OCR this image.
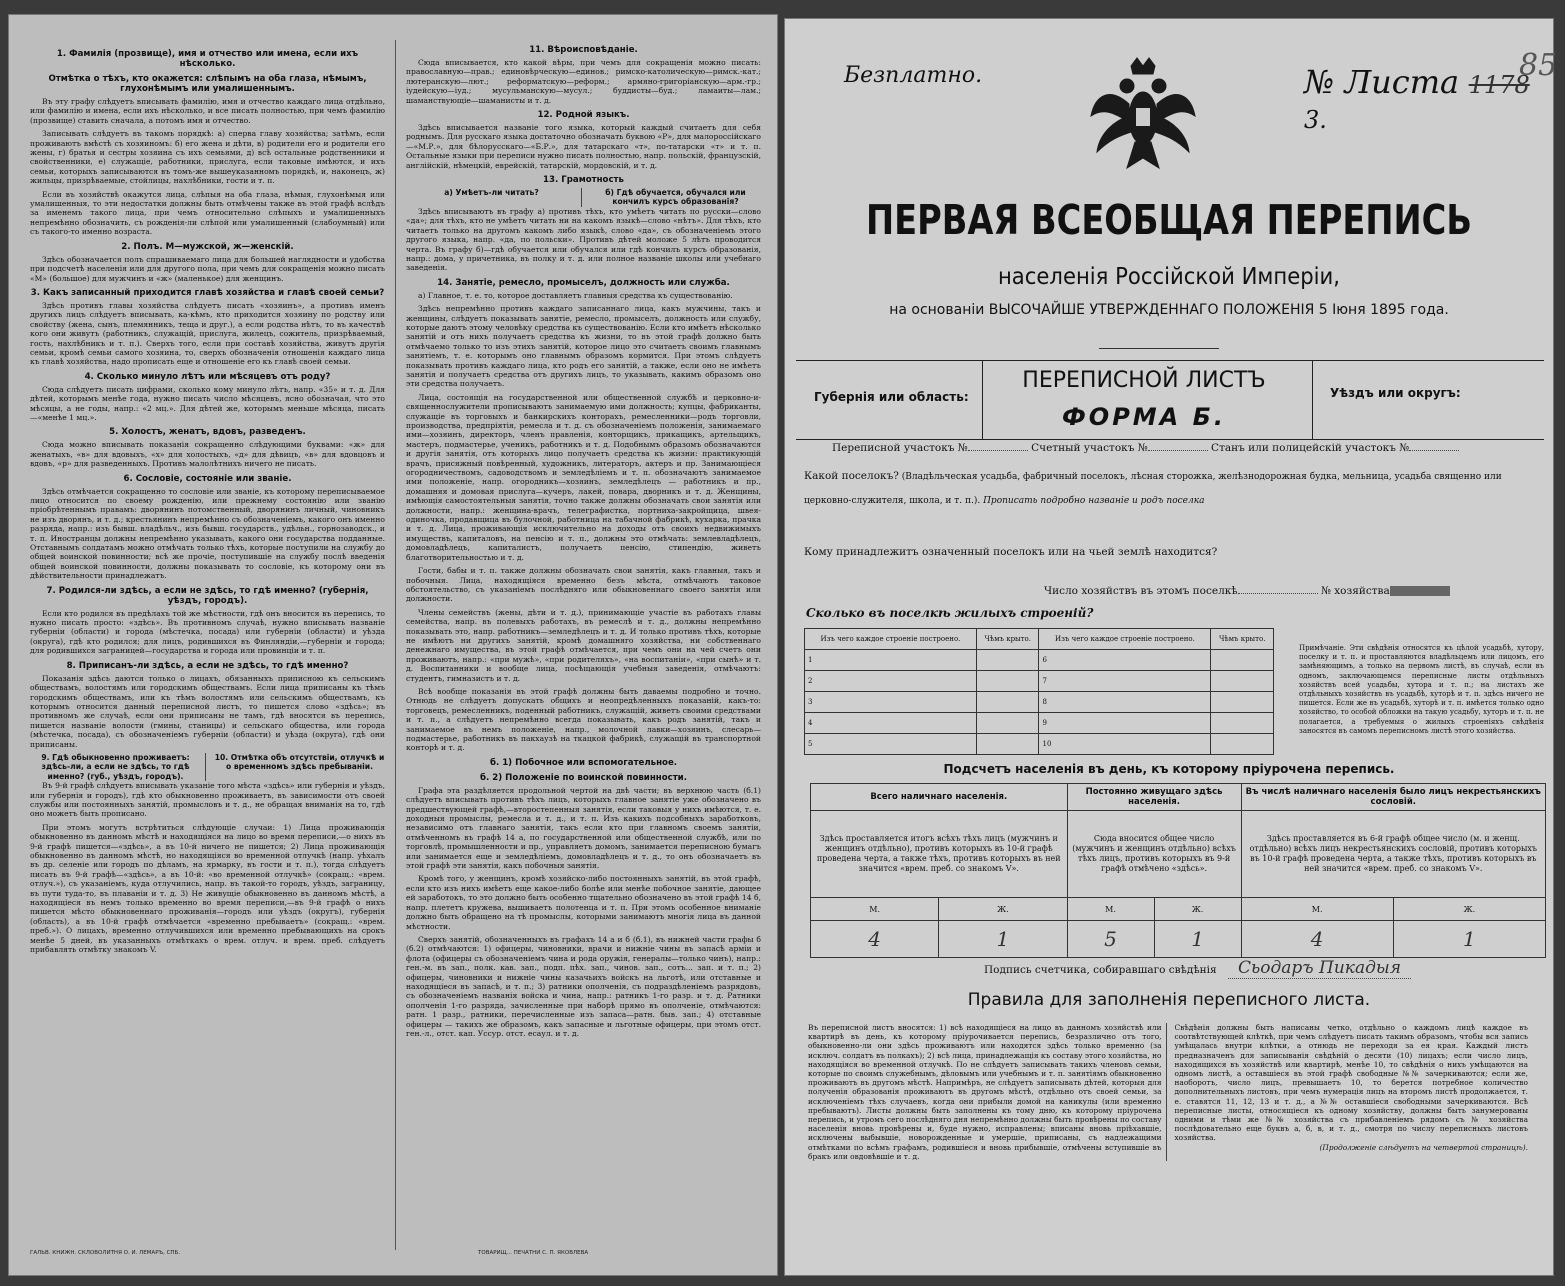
1. Фамилія (прозвище), имя и отчество или имена, если ихъ нѣсколько.
Отмѣтка о тѣхъ, кто окажется: слѣпымъ на оба глаза, нѣмымъ, глухонѣмымъ или умалишеннымъ.

Въ эту графу слѣдуетъ вписывать фамилію, имя и отчество каждаго лица отдѣльно, или фамилію и имена, если ихъ нѣсколько, и все писать полностью, при чемъ фамилію (прозвище) ставить сначала, а потомъ имя и отчество.

Записывать слѣдуетъ въ такомъ порядкѣ: а) сперва главу хозяйства; затѣмъ, если проживаютъ вмѣстѣ съ хозяиномъ: б) его жена и дѣти, в) родители его и родители его жены, г) братья и сестры хозяина съ ихъ семьями, д) всѣ остальные родственники и свойственники, е) служащіе, работники, прислуга, если таковые имѣются, и ихъ семьи, которыхъ записываются въ томъ-же вышеуказанномъ порядкѣ, и, наконецъ, ж) жильцы, призрѣваемые, стойлицы, нахлѣбники, гости и т. п.

Если въ хозяйствѣ окажутся лица, слѣпыя на оба глаза, нѣмыя, глухонѣмыя или умалишенныя, то эти недостатки должны быть отмѣчены также въ этой графѣ вслѣдъ за именемъ такого лица, при чемъ относительно слѣпыхъ и умалишенныхъ непремѣнно обозначить, съ рожденія-ли слѣпой или умалишенный (слабоумный) или съ такого-то именно возраста.

2. Полъ. М—мужской, ж—женскій.

Здѣсь обозначается полъ спрашиваемаго лица для большей наглядности и удобства при подсчетѣ населенія или для другого пола, при чемъ для сокращенія можно писать «М» (большое) для мужчинъ и «ж» (маленькое) для женщинъ.

3. Какъ записанный приходится главѣ хозяйства и главѣ своей семьи?

Здѣсь противъ главы хозяйства слѣдуетъ писать «хозяинъ», а противъ именъ другихъ лицъ слѣдуетъ вписывать, ка-кѣмъ, кто приходится хозяину по родству или свойству (жена, сынъ, племянникъ, теща и друг.), а если родства нѣтъ, то въ качествѣ кого они живутъ (работникъ, служащій, прислуга, жилецъ, сожитель, призрѣваемый, гость, нахлѣбникъ и т. п.). Сверхъ того, если при составѣ хозяйства, живутъ другія семьи, кромѣ семьи самого хозяина, то, сверхъ обозначенія отношенія каждаго лица къ главѣ хозяйства, надо прописать еще и отношеніе его къ главѣ своей семьи.

4. Сколько минуло лѣтъ или мѣсяцевъ отъ роду?

Сюда слѣдуетъ писать цифрами, сколько кому минуло лѣтъ, напр. «35» и т. д. Для дѣтей, которымъ менѣе года, нужно писать число мѣсяцевъ, ясно обозначая, что это мѣсяцы, а не годы, напр.: «2 мц.». Для дѣтей же, которымъ меньше мѣсяца, писать—«менѣе 1 мц.».

5. Холостъ, женатъ, вдовъ, разведенъ.

Сюда можно вписывать показанія сокращенно слѣдующими буквами: «ж» для женатыхъ, «в» для вдовыхъ, «х» для холостыхъ, «д» для дѣвицъ, «в» для вдовцовъ и вдовъ, «р» для разведенныхъ. Противъ малолѣтнихъ ничего не писать.

6. Сословіе, состояніе или званіе.

Здѣсь отмѣчается сокращенно то сословіе или званіе, къ которому переписываемое лицо относится по своему рожденію, или прежнему состоянію или званію пріобрѣтеннымъ правамъ: дворянинъ потомственный, дворянинъ личный, чиновникъ не изъ дворянъ, и т. д.; крестьянинъ непремѣнно съ обозначеніемъ, какого онъ именно разряда, напр.: изъ бывш. владѣльч., изъ бывш. государств., удѣльн., горнозаводск., и т. п. Иностранцы должны непремѣнно указывать, какого они государства подданные. Отставнымъ солдатамъ можно отмѣчать только тѣхъ, которые поступили на службу до общей воинской повинности; всѣ же прочіе, поступившіе на службу послѣ введенія общей воинской повинности, должны показывать то сословіе, къ которому они въ дѣйствительности принадлежатъ.

7. Родился-ли здѣсь, а если не здѣсь, то гдѣ именно? (губернія, уѣздъ, городъ).

Если кто родился въ предѣлахъ той же мѣстности, гдѣ онъ вносится въ перепись, то нужно писать просто: «здѣсь». Въ противномъ случаѣ, нужно вписывать названіе губерніи (области) и города (мѣстечка, посада) или губерніи (области) и уѣзда (округа), гдѣ кто родился; для лицъ, родившихся въ Финляндіи,—губерніи и города; для родившихся заграницей—государства и города или провинціи и т. п.

8. Приписанъ-ли здѣсь, а если не здѣсь, то гдѣ именно?

Показанія здѣсь даются только о лицахъ, обязанныхъ приписною къ сельскимъ обществамъ, волостямъ или городскимъ обществамъ. Если лица приписаны къ тѣмъ городскимъ обществамъ, или къ тѣмъ волостямъ или сельскимъ обществамъ, къ которымъ относится данный переписной листъ, то пишется слово «здѣсь»; въ противномъ же случаѣ, если они приписаны не тамъ, гдѣ вносятся въ перепись, пишется названіе волости (гмины, станицы) и сельскаго общества, или города (мѣстечка, посада), съ обозначеніемъ губерніи (области) и уѣзда (округа), гдѣ они приписаны.

9. Гдѣ обыкновенно проживаетъ: здѣсь-ли, а если не здѣсь, то гдѣ именно? (губ., уѣздъ, городъ).
10. Отмѣтка объ отсутствіи, отлучкѣ и о временномъ здѣсь пребываніи.

Въ 9-й графѣ слѣдуетъ вписывать указаніе того мѣста «здѣсь» или губернія и уѣздъ, или губернія и городъ), гдѣ кто обыкновенно проживаетъ, въ зависимости отъ своей службы или постоянныхъ занятій, промысловъ и т. д., не обращая вниманія на то, гдѣ оно можетъ быть прописано.

При этомъ могутъ встрѣтиться слѣдующіе случаи: 1) Лица проживающія обыкновенно въ данномъ мѣстѣ и находящіяся на лицо во время переписи,—о нихъ въ 9-й графѣ пишется—«здѣсь», а въ 10-й ничего не пишется; 2) Лица проживающія обыкновенно въ данномъ мѣстѣ, но находящіяся во временной отлучкѣ (напр. уѣхалъ въ др. селеніе или городъ по дѣламъ, на ярмарку, въ гости и т. п.), тогда слѣдуетъ писать въ 9-й графѣ—«здѣсь», а въ 10-й: «во временной отлучкѣ» (сокращ.: «врем. отлуч.»), съ указаніемъ, куда отлучились, напр. въ такой-то городъ, уѣздъ, заграницу, въ пути туда-то, въ плаваніи и т. д. 3) Не живущіе обыкновенно въ данномъ мѣстѣ, а находящіеся въ немъ только временно во время переписи,—въ 9-й графѣ о нихъ пишется мѣсто обыкновеннаго проживанія—городъ или уѣздъ (округъ), губернія (область), а въ 10-й графѣ отмѣчается «временно пребываетъ» (сокращ.: «врем. преб.»). О лицахъ, временно отлучившихся или временно пребывающихъ на срокъ менѣе 5 дней, въ указанныхъ отмѣткахъ о врем. отлуч. и врем. преб. слѣдуетъ прибавлять отмѣтку знакомъ V.

11. Вѣроисповѣданіе.

Сюда вписывается, кто какой вѣры, при чемъ для сокращенія можно писать: православную—прав.; единовѣрческую—единов.; римско-католическую—римск.-кат.; лютеранскую—лют.; реформатскую—реформ.; армяно-григоріанскую—арм.-гр.; іудейскую—іуд.; мусульманскую—мусул.; буддисты—буд.; ламаиты—лам.; шаманствующіе—шаманисты и т. д.

12. Родной языкъ.

Здѣсь вписывается названіе того языка, который каждый считаетъ для себя роднымъ. Для русскаго языка достаточно обозначать буквою «Р», для малороссійскаго—«М.Р.», для бѣлорусскаго—«Б.Р.», для татарскаго «т», по-татарски «т» и т. п. Остальные языки при переписи нужно писать полностью, напр. польскій, французскій, англійскій, нѣмецкій, еврейскій, татарскій, мордовскій, и т. д.

13. Грамотность
а) Умѣетъ-ли читать?	б) Гдѣ обучается, обучался или кончилъ курсъ образованія?

Здѣсь вписываютъ въ графу а) противъ тѣхъ, кто умѣетъ читать по русски—слово «да»; для тѣхъ, кто не умѣетъ читать ни на какомъ языкѣ—слово «нѣтъ». Для тѣхъ, кто читаетъ только на другомъ какомъ либо языкѣ, слово «да», съ обозначеніемъ этого другого языка, напр. «да, по польски». Противъ дѣтей моложе 5 лѣтъ проводится черта. Въ графу б)—гдѣ обучается или обучался или гдѣ кончилъ курсъ образованія, напр.: дома, у причетника, въ полку и т. д. или полное названіе школы или учебнаго заведенія.

14. Занятіе, ремесло, промыселъ, должность или служба.

а) Главное, т. е. то, которое доставляетъ главныя средства къ существованію.

Здѣсь непремѣнно противъ каждаго записаннаго лица, какъ мужчины, такъ и женщины, слѣдуетъ показывать занятіе, ремесло, промыселъ, должность или службу, которые даютъ этому человѣку средства къ существованію. Если кто имѣетъ нѣсколько занятій и отъ нихъ получаетъ средства къ жизни, то въ этой графѣ должно быть отмѣчаемо только то изъ этихъ занятій, которое лицо это считаетъ своимъ главнымъ занятіемъ, т. е. которымъ оно главнымъ образомъ кормится. При этомъ слѣдуетъ показывать противъ каждаго лица, кто родъ его занятій, а также, если оно не имѣетъ занятія и получаетъ средства отъ другихъ лицъ, то указывать, какимъ образомъ оно эти средства получаетъ.

Лица, состоящія на государственной или общественной службѣ и церковно-и-священнослужители прописываютъ занимаемую ими должность; купцы, фабриканты, служащіе въ торговыхъ и банкирскихъ конторахъ, ремесленники—родъ торговли, производства, предпріятія, ремесла и т. д. съ обозначеніемъ положенія, занимаемаго ими—хозяинъ, директоръ, членъ правленія, конторщикъ, прикащикъ, артельщикъ, мастеръ, подмастерье, ученикъ, работникъ и т. д. Подобнымъ образомъ обозначаются и другія занятія, отъ которыхъ лицо получаетъ средства къ жизни: практикующій врачъ, присяжный повѣренный, художникъ, литераторъ, актеръ и пр. Занимающіеся огородничествомъ, садоводствомъ и земледѣліемъ и т. п. обозначаютъ занимаемое ими положеніе, напр. огородникъ—хозяинъ, земледѣлецъ — работникъ и пр., домашняя и домовая прислуга—кучеръ, лакей, повара, дворникъ и т. д. Женщины, имѣющія самостоятельныя занятія, точно также должны обозначать свои занятія или должности, напр.: женщина-врачъ, телеграфистка, портниха-закройщица, швея-одиночка, продавщица въ булочной, работница на табачной фабрикѣ, кухарка, прачка и т. д. Лица, проживающія исключительно на доходы отъ своихъ недвижимыхъ имуществъ, капиталовъ, на пенсію и т. п., должны это отмѣчать: землевладѣлецъ, домовладѣлецъ, капиталистъ, получаетъ пенсію, стипендію, живетъ благотворительностью и т. д.

Гости, бабы и т. п. также должны обозначать свои занятія, какъ главныя, такъ и побочныя. Лица, находящіяся временно безъ мѣста, отмѣчаютъ таковое обстоятельство, съ указаніемъ послѣдняго или обыкновеннаго своего занятія или должности.

Члены семействъ (жены, дѣти и т. д.), принимающіе участіе въ работахъ главы семейства, напр. въ полевыхъ работахъ, въ ремеслѣ и т. д., должны непремѣнно показывать это, напр. работникъ—земледѣлецъ и т. д. И только противъ тѣхъ, которые не имѣютъ ни другихъ занятій, кромѣ домашняго хозяйства, ни собственнаго денежнаго имущества, въ этой графѣ отмѣчается, при чемъ они на чей счетъ они проживаютъ, напр.: «при мужѣ», «при родителяхъ», «на воспитаніи», «при сынѣ» и т. д. Воспитанники и вообще лица, посѣщающія учебныя заведенія, отмѣчаютъ: студентъ, гимназистъ и т. д.

Всѣ вообще показанія въ этой графѣ должны быть даваемы подробно и точно. Отнюдь не слѣдуетъ допускать общихъ и неопредѣленныхъ показаній, какъ-то: торговецъ, ремесленникъ, поденный работникъ, служащій, живетъ своими средствами и т. п., а слѣдуетъ непремѣнно всегда показывать, какъ родъ занятій, такъ и занимаемое въ немъ положеніе, напр., молочной лавки—хозяинъ, слесарь—подмастерье, работникъ въ пакхаузѣ на ткацкой фабрикѣ, служащій въ транспортной конторѣ и т. д.

б. 1) Побочное или вспомогательное.
б. 2) Положеніе по воинской повинности.

Графа эта раздѣляется продольной чертой на двѣ части; въ верхнюю часть (б.1) слѣдуетъ вписывать противъ тѣхъ лицъ, которыхъ главное занятіе уже обозначено въ предшествующей графѣ,—второстепенныя занятія, если таковыя у нихъ имѣются, т. е. доходныя промыслы, ремесла и т. д., и т. п. Изъ какихъ подсобныхъ заработковъ, независимо отъ главнаго занятія, такъ если кто при главномъ своемъ занятіи, отмѣченномъ въ графѣ 14 а, по государственной или общественной службѣ, или по торговлѣ, промышленности и пр., управляетъ домомъ, занимается переписною бумагъ или занимается еще и земледѣліемъ, домовладѣлецъ и т. д., то онъ обозначаетъ въ этой графѣ эти занятія, какъ побочныя занятія.

Кромѣ того, у женщинъ, кромѣ хозяйско-либо постоянныхъ занятій, въ этой графѣ, если кто изъ нихъ имѣетъ еще какое-либо болѣе или менѣе побочное занятіе, дающее ей заработокъ, то это должно быть особенно тщательно обозначено въ этой графѣ 14 б, напр. плететъ кружева, вышиваетъ полотенца и т. п. При этомъ особенное вниманіе должно быть обращено на тѣ промыслы, которыми занимаютъ многія лица въ данной мѣстности.

Сверхъ занятій, обозначенныхъ въ графахъ 14 а и б (б.1), въ нижней части графы б (б.2) отмѣчаются: 1) офицеры, чиновники, врачи и нижніе чины въ запасѣ арміи и флота (офицеры съ обозначеніемъ чина и рода оружія, генералы—только чинъ), напр.: ген.-м. въ зап., полк. кав. зап., подп. пѣх. зап., чинов. зап., сотъ... зап. и т. п.; 2) офицеры, чиновники и нижніе чины казачьихъ войскъ на льготѣ, или отставные и находящіеся въ запасѣ, и т. п.; 3) ратники ополченія, съ подраздѣленіемъ разрядовъ, съ обозначеніемъ названія войска и чина, напр.: ратникъ 1-го разр. и т. д. Ратники ополченія 1-го разряда, зачисленные при наборѣ прямо въ ополченіе, отмѣчаются: ратн. 1 разр., ратники, перечисленные изъ запаса—ратн. быв. зап.; 4) отставные офицеры — такихъ же образомъ, какъ запасные и льготные офицеры, при этомъ отст. ген.-л., отст. кап. Уссур. отст. есаул. и т. д.

ГАЛЬВ. КНИЖН. СКЛОВОЛИТНЯ О. И. ЛЕМАРЪ, СПБ.	ТОВАРИЩ... ПЕЧАТНИ С. П. ЯКОВЛЕВА
Безплатно.	№ Листа 1178 3.
85
ПЕРВАЯ ВСЕОБЩАЯ ПЕРЕПИСЬ
населенія Россійской Имперіи,
на основаніи ВЫСОЧАЙШЕ УТВЕРЖДЕННАГО ПОЛОЖЕНІЯ 5 Іюня 1895 года.
Губернія или область:
ПЕРЕПИСНОЙ ЛИСТЪ
ФОРМА Б.
Уѣздъ или округъ:
Переписной участокъ №	Счетный участокъ №	Станъ или полицейскій участокъ №
Какой поселокъ? (Владѣльческая усадьба, фабричный поселокъ, лѣсная сторожка, желѣзнодорожная будка, мельница, усадьба священно или церковно-служителя, школа, и т. п.). Прописать подробно названіе и родъ поселка
Кому принадлежитъ означенный поселокъ или на чьей землѣ находится?
Число хозяйствъ въ этомъ поселкѣ	№ хозяйства
Сколько въ поселкѣ жилыхъ строеній?
Изъ чего каждое строеніе построено.	Чѣмъ крыто.	Изъ чего каждое строеніе построено.	Чѣмъ крыто.
1		6	
2		7	
3		8	
4		9	
5		10	
Примѣчаніе. Эти свѣдѣнія относятся къ цѣлой усадьбѣ, хутору, поселку и т. п. и проставляются владѣльцемъ или лицомъ, его замѣняющимъ, а только на первомъ листѣ, въ случаѣ, если въ одномъ, заключающемся переписные листы отдѣльныхъ хозяйствъ всей усадьбы, хутора и т. п.; на листахъ же отдѣльныхъ хозяйствъ въ усадьбѣ, хуторѣ и т. п. здѣсь ничего не пишется. Если же въ усадьбѣ, хуторѣ и т. п. имѣется только одно хозяйство, то особой обложки на такую усадьбу, хуторъ и т. п. не полагается, а требуемыя о жилыхъ строеніяхъ свѣдѣнія заносятся въ самомъ переписномъ листѣ этого хозяйства.
Подсчетъ населенія въ день, къ которому пріурочена перепись.
Всего наличнаго населенія.		Постоянно живущаго здѣсь населенія.		Въ числѣ наличнаго населенія было лицъ некрестьянскихъ сословій.	
Здѣсь проставляется итогъ всѣхъ тѣхъ лицъ (мужчинъ и женщинъ отдѣльно), противъ которыхъ въ 10-й графѣ проведена черта, а также тѣхъ, противъ которыхъ въ ней значится «врем. преб. со знакомъ V».		Сюда вносится общее число (мужчинъ и женщинъ отдѣльно) всѣхъ тѣхъ лицъ, противъ которыхъ въ 9-й графѣ отмѣчено «здѣсь».		Здѣсь проставляется въ 6-й графѣ общее число (м. и женщ. отдѣльно) всѣхъ лицъ некрестьянскихъ сословій, противъ которыхъ въ 10-й графѣ проведена черта, а также тѣхъ, противъ которыхъ въ ней значится «врем. преб. со знакомъ V».	
М.	Ж.	М.	Ж.	М.	Ж.
4	1	5	1	4	1
Подпись счетчика, собиравшаго свѣдѣнія Сьодаръ Пикадыя
Правила для заполненія переписного листа.
Въ переписной листъ вносятся: 1) всѣ находящіеся на лицо въ данномъ хозяйствѣ или квартирѣ въ день, къ которому пріурочивается перепись, безразлично отъ того, обыкновенно-ли они здѣсь проживаютъ или находятся здѣсь только временно (за исключ. солдатъ въ полкахъ); 2) всѣ лица, принадлежащія къ составу этого хозяйства, но находящіяся во временной отлучкѣ. По не слѣдуетъ записывать такихъ членовъ семьи, которые по своимъ служебнымъ, дѣловымъ или учебнымъ и т. п. занятіямъ обыкновенно проживаютъ въ другомъ мѣстѣ. Напримѣръ, не слѣдуетъ записывать дѣтей, которыя для полученія образованія проживаютъ въ другомъ мѣстѣ, отдѣльно отъ своей семьи, за исключеніемъ тѣхъ случаевъ, когда они прибыли домой на каникулы (или временно пребываютъ). Листы должны быть заполнены къ тому дню, къ которому пріурочена перепись, и утромъ сего послѣдняго дня непремѣнно должны быть провѣрены по составу населенія вновь провѣрены и, буде нужно, исправлены; вписаны вновь пріѣхавшіе, исключены выбывшіе, новорожденные и умершіе, приписаны, съ надлежащими отмѣтками по всѣмъ графамъ, родившіеся и вновь прибывшіе, отмѣчены вступившіе въ бракъ или овдовѣвшіе и т. д.
Свѣдѣнія должны быть написаны четко, отдѣльно о каждомъ лицѣ каждое въ соотвѣтствующей клѣткѣ, при чемъ слѣдуетъ писать такимъ образомъ, чтобы вся запись умѣщалась внутри клѣтки, а отнюдь не переходя за ея края. Каждый листъ предназначенъ для записыванія свѣдѣній о десяти (10) лицахъ; если число лицъ, находящихся въ хозяйствѣ или квартирѣ, менѣе 10, то свѣдѣнія о нихъ умѣщаются на одномъ листѣ, а оставшіеся въ этой графѣ свободные №№ зачеркиваются; если же, наоборотъ, число лицъ, превышаетъ 10, то берется потребное количество дополнительныхъ листовъ, при чемъ нумерація лицъ на второмъ листѣ продолжается, т. е. ставятся 11, 12, 13 и т. д., а №№ оставшіеся свободными зачеркиваются. Всѣ переписные листы, относящіеся къ одному хозяйству, должны быть занумерованы одними и тѣми же №№ хозяйства съ прибавленіемъ рядомъ съ № хозяйства послѣдовательно еще буквъ а, б, в, и т. д., смотря по числу переписныхъ листовъ хозяйства.
(Продолженіе слѣдуетъ на четвертой страницѣ).
